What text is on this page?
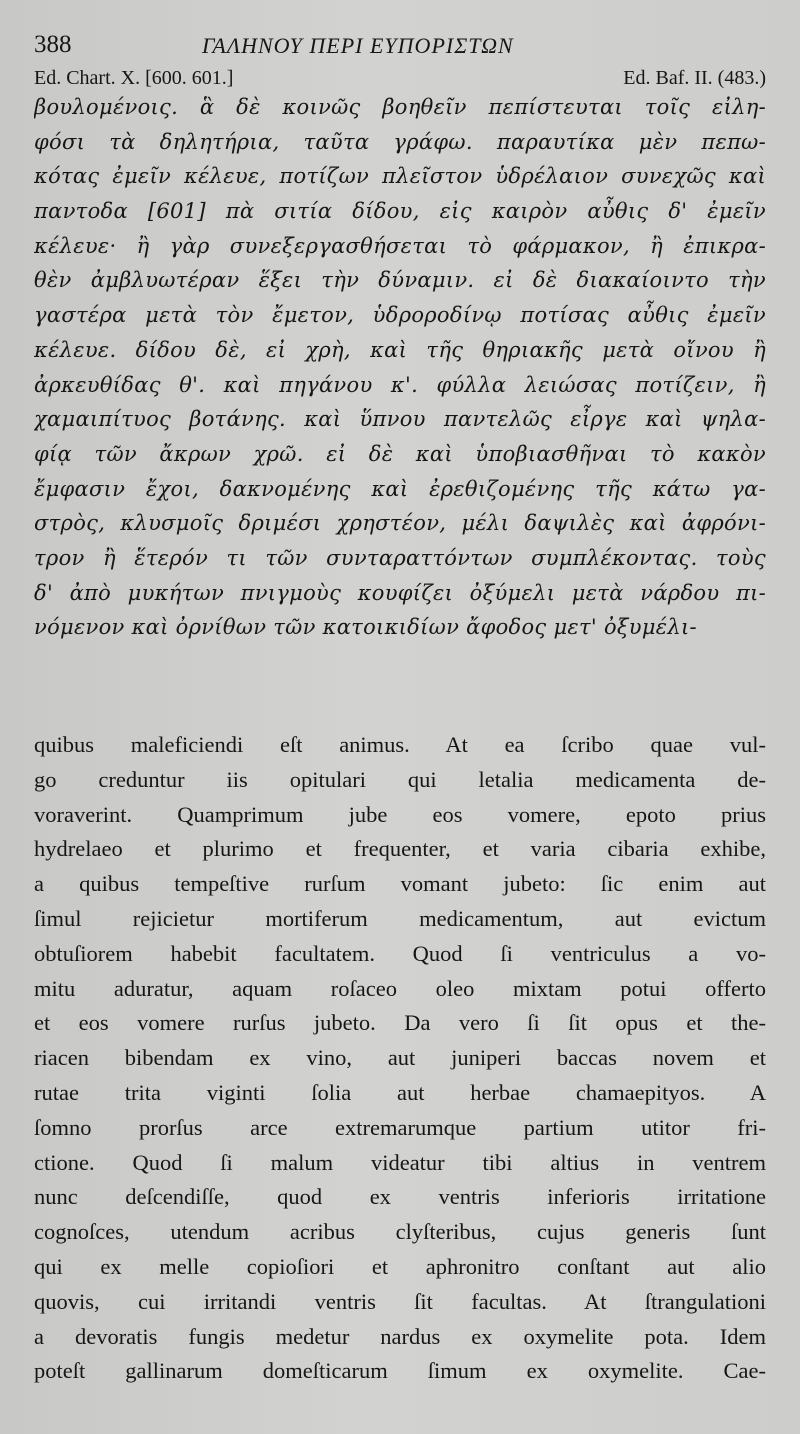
388	ΓΑΛΗΝΟΥ ΠΕΡΙ ΕΥΠΟΡΙΣΤΩΝ
Ed. Chart. X. [600. 601.]	Ed. Baf. II. (483.)
βουλομένοις. ἃ δὲ κοινῶς βοηθεῖν πεπίστευται τοῖς εἰλη-
φόσι τὰ δηλητήρια, ταῦτα γράφω. παραυτίκα μὲν πεπω-
κότας ἐμεῖν κέλευε, ποτίζων πλεῖστον ὑδρέλαιον συνεχῶς καὶ
παντοδα [601] πὰ σιτία δίδου, εἰς καιρὸν αὖθις δ' ἐμεῖν
κέλευε· ἢ γὰρ συνεξεργασθήσεται τὸ φάρμακον, ἢ ἐπικρα-
θὲν ἀμβλυωτέραν ἕξει τὴν δύναμιν. εἰ δὲ διακαίοιντο τὴν
γαστέρα μετὰ τὸν ἔμετον, ὑδροροδίνῳ ποτίσας αὖθις ἐμεῖν
κέλευε. δίδου δὲ, εἰ χρὴ, καὶ τῆς θηριακῆς μετὰ οἴνου ἢ
ἀρκευθίδας θ'. καὶ πηγάνου κ'. φύλλα λειώσας ποτίζειν, ἢ
χαμαιπίτυος βοτάνης. καὶ ὕπνου παντελῶς εἶργε καὶ ψηλα-
φίᾳ τῶν ἄκρων χρῶ. εἰ δὲ καὶ ὑποβιασθῆναι τὸ κακὸν
ἔμφασιν ἔχοι, δακνομένης καὶ ἐρεθιζομένης τῆς κάτω γα-
στρὸς, κλυσμοῖς δριμέσι χρηστέον, μέλι δαψιλὲς καὶ ἀφρόνι-
τρον ἢ ἕτερόν τι τῶν συνταραττόντων συμπλέκοντας. τοὺς
δ' ἀπὸ μυκήτων πνιγμοὺς κουφίζει ὀξύμελι μετὰ νάρδου πι-
νόμενον καὶ ὀρνίθων τῶν κατοικιδίων ἄφοδος μετ' ὀξυμέλι-
quibus maleficiendi eſt animus. At ea ſcribo quae vul-
go creduntur iis opitulari qui letalia medicamenta de-
voraverint. Quamprimum jube eos vomere, epoto prius
hydrelaeo et plurimo et frequenter, et varia cibaria exhibe,
a quibus tempeſtive rurſum vomant jubeto: ſic enim aut
ſimul rejicietur mortiferum medicamentum, aut evictum
obtuſiorem habebit facultatem. Quod ſi ventriculus a vo-
mitu aduratur, aquam roſaceo oleo mixtam potui offerto
et eos vomere rurſus jubeto. Da vero ſi ſit opus et the-
riacen bibendam ex vino, aut juniperi baccas novem et
rutae trita viginti ſolia aut herbae chamaepityos. A
ſomno prorſus arce extremarumque partium utitor fri-
ctione. Quod ſi malum videatur tibi altius in ventrem
nunc deſcendiſſe, quod ex ventris inferioris irritatione
cognoſces, utendum acribus clyſteribus, cujus generis ſunt
qui ex melle copioſiori et aphronitro conſtant aut alio
quovis, cui irritandi ventris ſit facultas. At ſtrangulationi
a devoratis fungis medetur nardus ex oxymelite pota. Idem
poteſt gallinarum domeſticarum ſimum ex oxymelite. Cae-
